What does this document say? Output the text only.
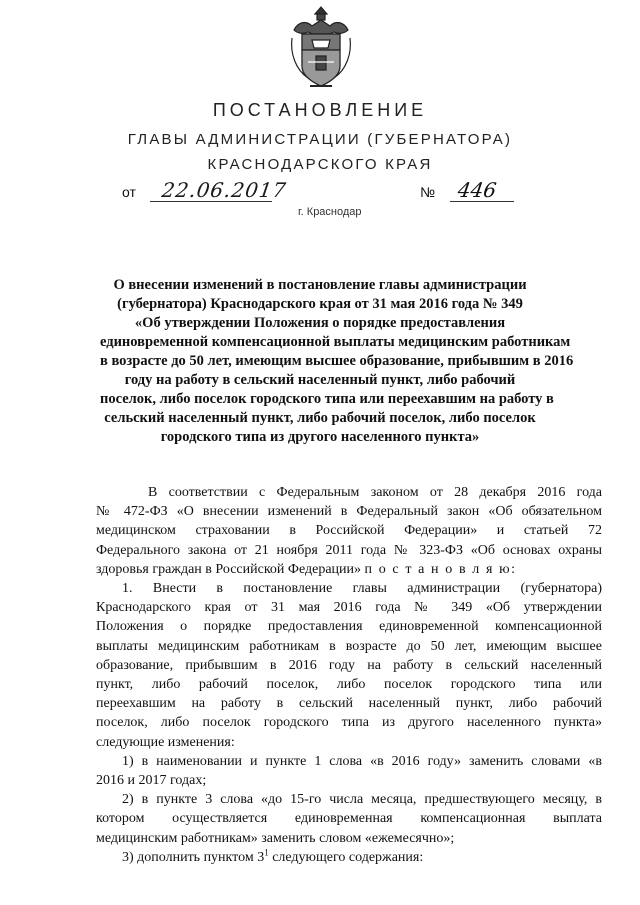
ПОСТАНОВЛЕНИЕ
ГЛАВЫ АДМИНИСТРАЦИИ (ГУБЕРНАТОРА)
КРАСНОДАРСКОГО КРАЯ
от 22.06.2017	№ 446
г. Краснодар
О внесении изменений в постановление главы администрации
(губернатора) Краснодарского края от 31 мая 2016 года № 349
«Об утверждении Положения о порядке предоставления
единовременной компенсационной выплаты медицинским работникам
в возрасте до 50 лет, имеющим высшее образование, прибывшим в 2016
году на работу в сельский населенный пункт, либо рабочий
поселок, либо поселок городского типа или переехавшим на работу в
сельский населенный пункт, либо рабочий поселок, либо поселок
городского типа из другого населенного пункта»
В соответствии с Федеральным законом от 28 декабря 2016 года
№ 472-ФЗ «О внесении изменений в Федеральный закон «Об обязательном
медицинском страховании в Российской Федерации» и статьей 72
Федерального закона от 21 ноября 2011 года № 323-ФЗ «Об основах охраны
здоровья граждан в Российской Федерации» п о с т а н о в л я ю:
1. Внести в постановление главы администрации (губернатора)
Краснодарского края от 31 мая 2016 года № 349 «Об утверждении
Положения о порядке предоставления единовременной компенсационной
выплаты медицинским работникам в возрасте до 50 лет, имеющим высшее
образование, прибывшим в 2016 году на работу в сельский населенный
пункт, либо рабочий поселок, либо поселок городского типа или
переехавшим на работу в сельский населенный пункт, либо рабочий
поселок, либо поселок городского типа из другого населенного пункта»
следующие изменения:
1) в наименовании и пункте 1 слова «в 2016 году» заменить словами «в
2016 и 2017 годах;
2) в пункте 3 слова «до 15-го числа месяца, предшествующего месяцу, в
котором осуществляется единовременная компенсационная выплата
медицинским работникам» заменить словом «ежемесячно»;
3) дополнить пунктом $3^1$ следующего содержания:
